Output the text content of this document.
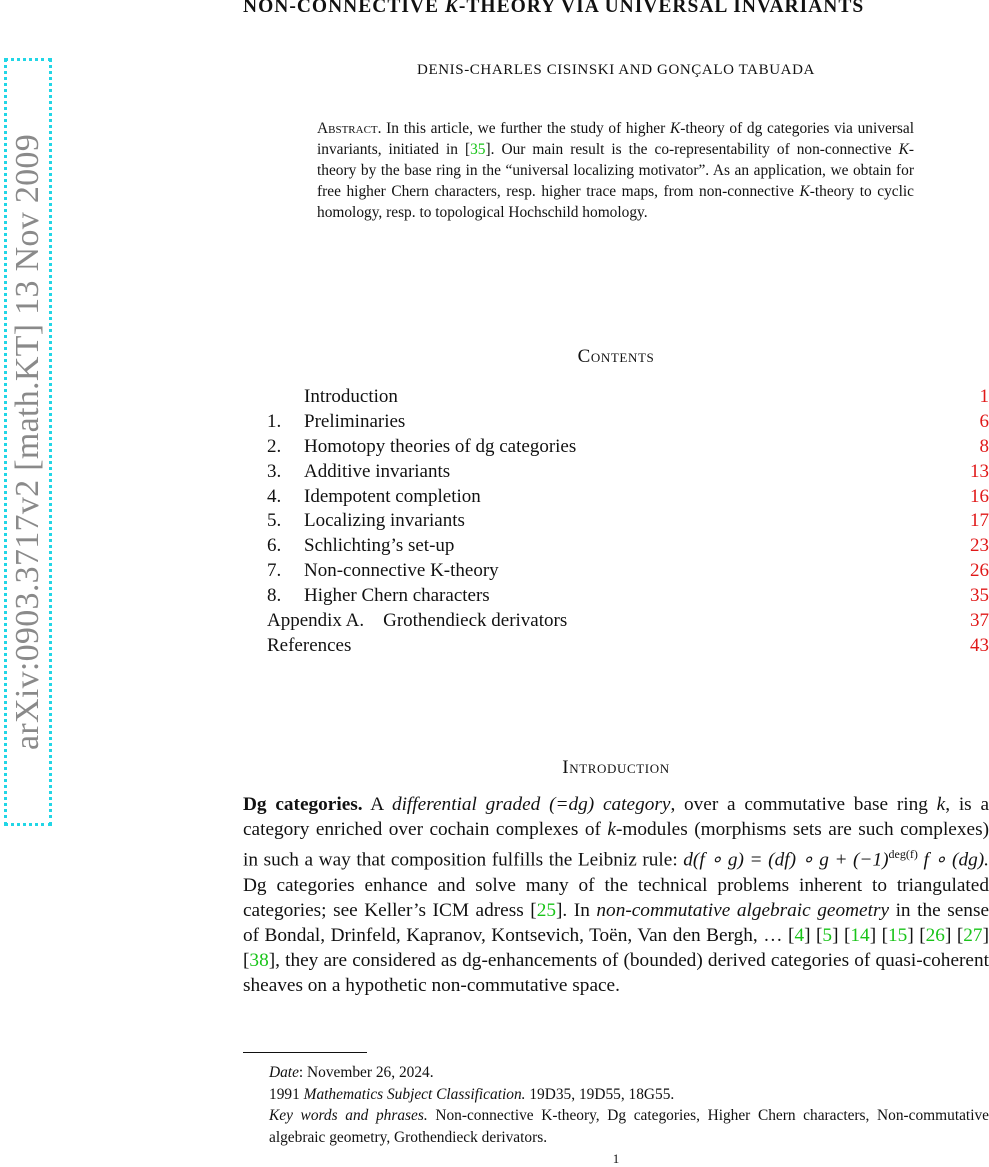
arXiv:0903.3717v2 [math.KT] 13 Nov 2009
NON-CONNECTIVE K-THEORY VIA UNIVERSAL INVARIANTS
DENIS-CHARLES CISINSKI AND GONÇALO TABUADA
Abstract. In this article, we further the study of higher K-theory of dg categories via universal invariants, initiated in [35]. Our main result is the co-representability of non-connective K-theory by the base ring in the “universal localizing motivator”. As an application, we obtain for free higher Chern characters, resp. higher trace maps, from non-connective K-theory to cyclic homology, resp. to topological Hochschild homology.
Contents
Introduction	1
1. Preliminaries	6
2. Homotopy theories of dg categories	8
3. Additive invariants	13
4. Idempotent completion	16
5. Localizing invariants	17
6. Schlichting’s set-up	23
7. Non-connective K-theory	26
8. Higher Chern characters	35
Appendix A.    Grothendieck derivators	37
References	43
Introduction
Dg categories. A differential graded (=dg) category, over a commutative base ring k, is a category enriched over cochain complexes of k-modules (morphisms sets are such complexes) in such a way that composition fulfills the Leibniz rule: d(f ∘ g) = (df) ∘ $g + (-1)^{deg(f)}$ f ∘ (dg). Dg categories enhance and solve many of the technical problems inherent to triangulated categories; see Keller’s ICM adress [25]. In non-commutative algebraic geometry in the sense of Bondal, Drinfeld, Kapranov, Kontsevich, Toën, Van den Bergh, … [4] [5] [14] [15] [26] [27] [38], they are considered as dg-enhancements of (bounded) derived categories of quasi-coherent sheaves on a hypothetic non-commutative space.
Date: November 26, 2024.
1991 Mathematics Subject Classification. 19D35, 19D55, 18G55.
Key words and phrases. Non-connective K-theory, Dg categories, Higher Chern characters, Non-commutative algebraic geometry, Grothendieck derivators.
1
